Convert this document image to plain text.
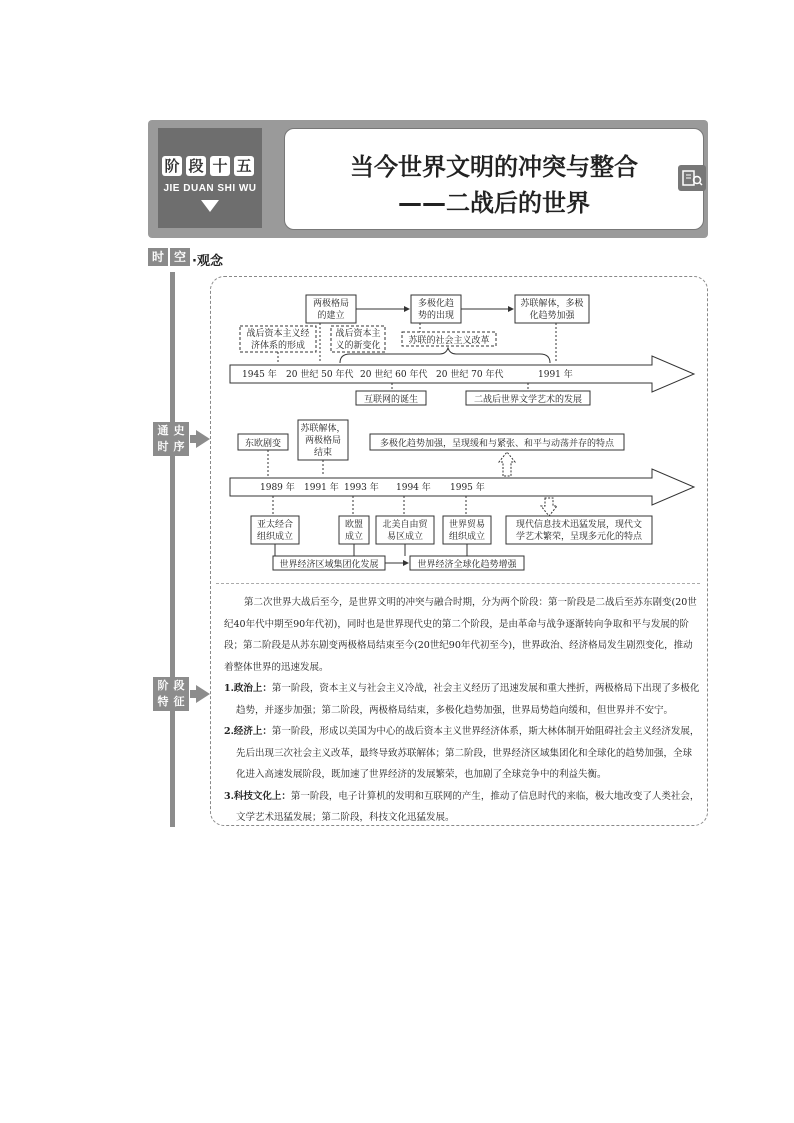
阶 段 十 五
JIE DUAN SHI WU
当今世界文明的冲突与整合
——二战后的世界
时 空 ·观念
通 史
时 序
阶 段
特 征
两极格局
的建立
多极化趋
势的出现
苏联解体，多极
化趋势加强
战后资本主义经
济体系的形成
战后资本主
义的新变化	苏联的社会主义改革
1945 年 20 世纪 50 年代 20 世纪 60 年代 20 世纪 70 年代	1991 年
互联网的诞生	二战后世界文学艺术的发展
东欧剧变
苏联解体，
两极格局
结束
多极化趋势加强，呈现缓和与紧张、和平与动荡并存的特点
1989 年 1991 年 1993 年 1994 年 1995 年
亚太经合
组织成立
欧盟
成立
北美自由贸
易区成立
世界贸易
组织成立
现代信息技术迅猛发展，现代文
学艺术繁荣，呈现多元化的特点
世界经济区域集团化发展	世界经济全球化趋势增强

第二次世界大战后至今，是世界文明的冲突与融合时期，分为两个阶段：第一阶段是二战后至苏东剧变(20世纪40年代中期至90年代初)，同时也是世界现代史的第二个阶段，是由革命与战争逐渐转向争取和平与发展的阶段；第二阶段是从苏东剧变两极格局结束至今(20世纪90年代初至今)，世界政治、经济格局发生剧烈变化，推动着整体世界的迅速发展。

1.政治上：第一阶段，资本主义与社会主义冷战，社会主义经历了迅速发展和重大挫折，两极格局下出现了多极化趋势，并逐步加强；第二阶段，两极格局结束，多极化趋势加强，世界局势趋向缓和，但世界并不安宁。

2.经济上：第一阶段，形成以美国为中心的战后资本主义世界经济体系，斯大林体制开始阻碍社会主义经济发展，先后出现三次社会主义改革，最终导致苏联解体；第二阶段，世界经济区域集团化和全球化的趋势加强，全球化进入高速发展阶段，既加速了世界经济的发展繁荣，也加剧了全球竞争中的利益失衡。

3.科技文化上：第一阶段，电子计算机的发明和互联网的产生，推动了信息时代的来临，极大地改变了人类社会，文学艺术迅猛发展；第二阶段，科技文化迅猛发展。
